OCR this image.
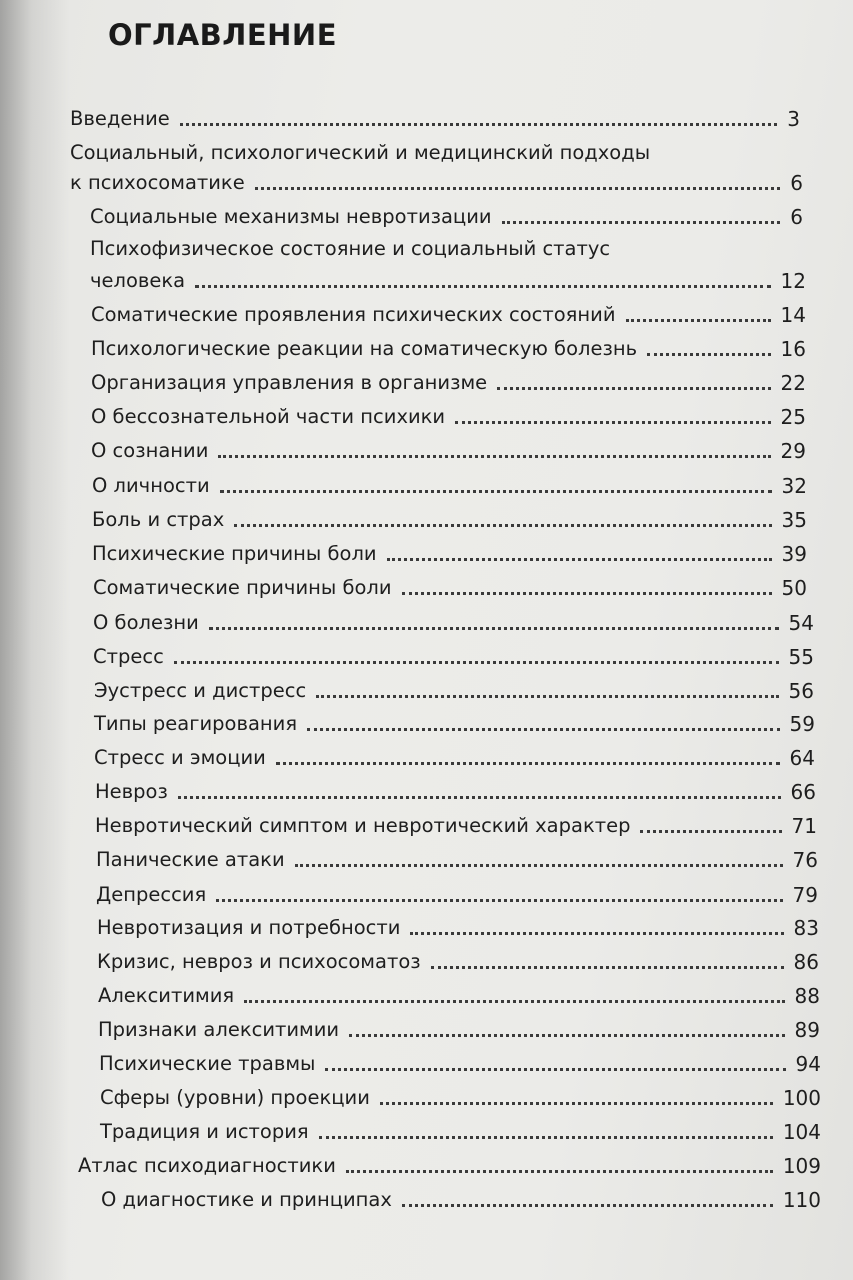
ОГЛАВЛЕНИЕ
Введение	3
Социальный, психологический и медицинский подходы
к психосоматике	6
Социальные механизмы невротизации	6
Психофизическое состояние и социальный статус
человека	12
Соматические проявления психических состояний	14
Психологические реакции на соматическую болезнь	16
Организация управления в организме	22
О бессознательной части психики	25
О сознании	29
О личности	32
Боль и страх	35
Психические причины боли	39
Соматические причины боли	50
О болезни	54
Стресс	55
Эустресс и дистресс	56
Типы реагирования	59
Стресс и эмоции	64
Невроз	66
Невротический симптом и невротический характер	71
Панические атаки	76
Депрессия	79
Невротизация и потребности	83
Кризис, невроз и психосоматоз	86
Алекситимия	88
Признаки алекситимии	89
Психические травмы	94
Сферы (уровни) проекции	100
Традиция и история	104
Атлас психодиагностики	109
О диагностике и принципах	110
